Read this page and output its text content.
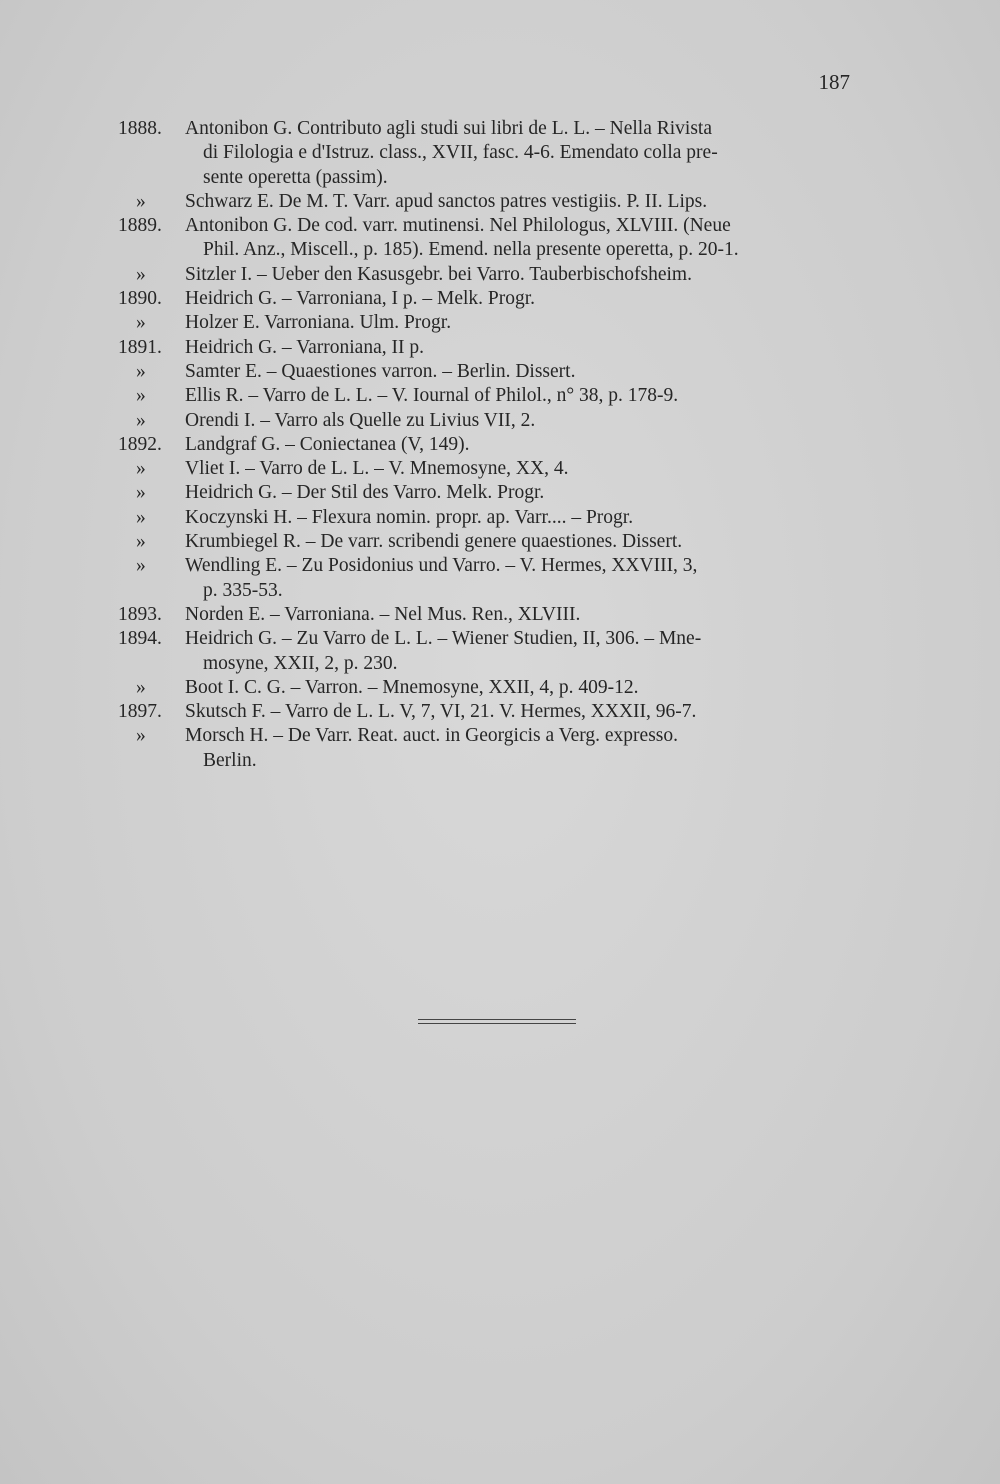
187
1888.	Antonibon G. Contributo agli studi sui libri de L. L. – Nella Rivista
di Filologia e d'Istruz. class., XVII, fasc. 4-6. Emendato colla pre-
sente operetta (passim).
»	Schwarz E. De M. T. Varr. apud sanctos patres vestigiis. P. II. Lips.
1889.	Antonibon G. De cod. varr. mutinensi. Nel Philologus, XLVIII. (Neue
Phil. Anz., Miscell., p. 185). Emend. nella presente operetta, p. 20-1.
»	Sitzler I. – Ueber den Kasusgebr. bei Varro. Tauberbischofsheim.
1890.	Heidrich G. – Varroniana, I p. – Melk. Progr.
»	Holzer E. Varroniana. Ulm. Progr.
1891.	Heidrich G. – Varroniana, II p.
»	Samter E. – Quaestiones varron. – Berlin. Dissert.
»	Ellis R. – Varro de L. L. – V. Iournal of Philol., n° 38, p. 178-9.
»	Orendi I. – Varro als Quelle zu Livius VII, 2.
1892.	Landgraf G. – Coniectanea (V, 149).
»	Vliet I. – Varro de L. L. – V. Mnemosyne, XX, 4.
»	Heidrich G. – Der Stil des Varro. Melk. Progr.
»	Koczynski H. – Flexura nomin. propr. ap. Varr.... – Progr.
»	Krumbiegel R. – De varr. scribendi genere quaestiones. Dissert.
»	Wendling E. – Zu Posidonius und Varro. – V. Hermes, XXVIII, 3,
p. 335-53.
1893.	Norden E. – Varroniana. – Nel Mus. Ren., XLVIII.
1894.	Heidrich G. – Zu Varro de L. L. – Wiener Studien, II, 306. – Mne-
mosyne, XXII, 2, p. 230.
»	Boot I. C. G. – Varron. – Mnemosyne, XXII, 4, p. 409-12.
1897.	Skutsch F. – Varro de L. L. V, 7, VI, 21. V. Hermes, XXXII, 96-7.
»	Morsch H. – De Varr. Reat. auct. in Georgicis a Verg. expresso.
Berlin.
